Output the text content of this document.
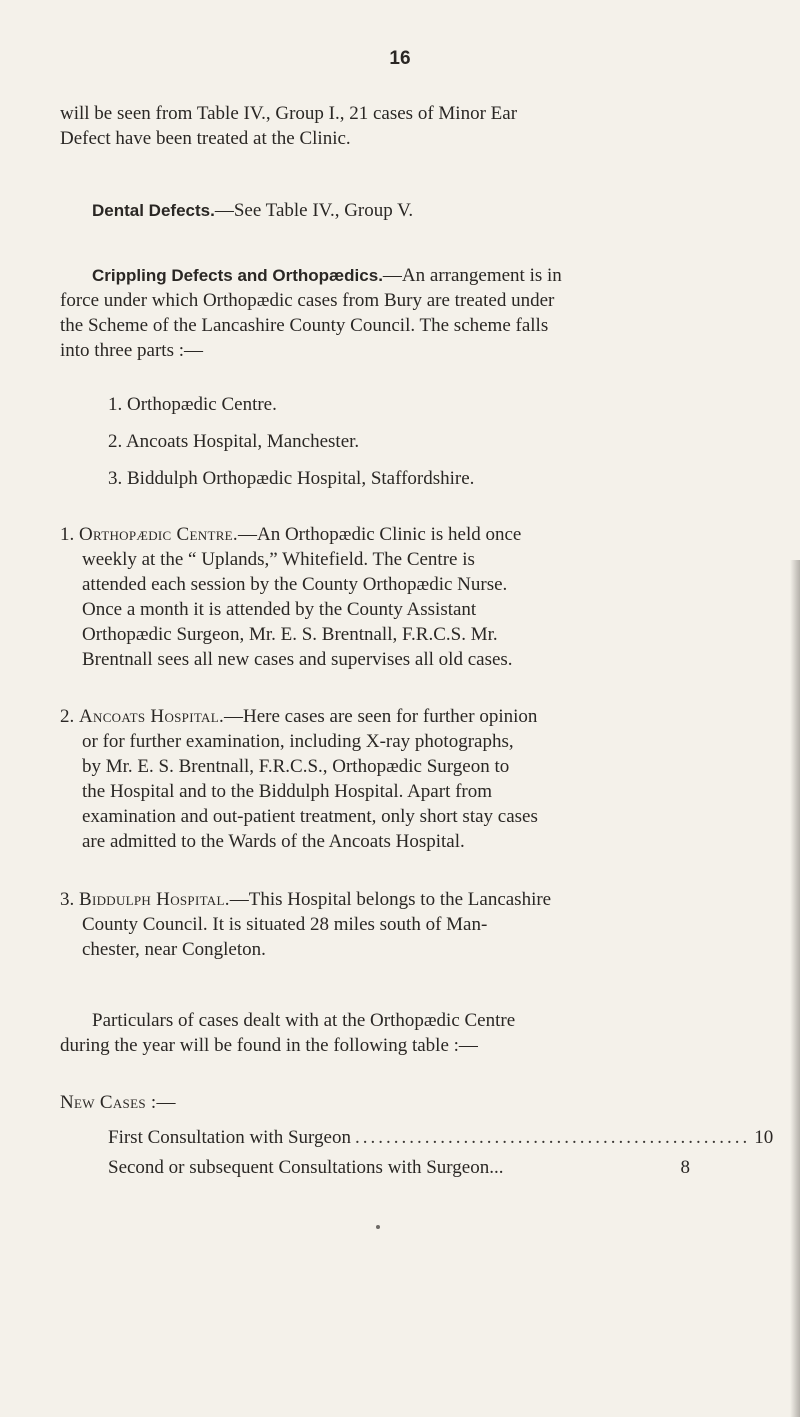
16
will be seen from Table IV., Group I., 21 cases of Minor Ear
Defect have been treated at the Clinic.
Dental Defects.—See Table IV., Group V.
Crippling Defects and Orthopædics.—An arrangement is in
force under which Orthopædic cases from Bury are treated under
the Scheme of the Lancashire County Council. The scheme falls
into three parts :—
1. Orthopædic Centre.
2. Ancoats Hospital, Manchester.
3. Biddulph Orthopædic Hospital, Staffordshire.
1. Orthopædic Centre.—An Orthopædic Clinic is held once
weekly at the “ Uplands,” Whitefield. The Centre is
attended each session by the County Orthopædic Nurse.
Once a month it is attended by the County Assistant
Orthopædic Surgeon, Mr. E. S. Brentnall, F.R.C.S. Mr.
Brentnall sees all new cases and supervises all old cases.
2. Ancoats Hospital.—Here cases are seen for further opinion
or for further examination, including X-ray photographs,
by Mr. E. S. Brentnall, F.R.C.S., Orthopædic Surgeon to
the Hospital and to the Biddulph Hospital. Apart from
examination and out-patient treatment, only short stay cases
are admitted to the Wards of the Ancoats Hospital.
3. Biddulph Hospital.—This Hospital belongs to the Lancashire
County Council. It is situated 28 miles south of Man-
chester, near Congleton.
Particulars of cases dealt with at the Orthopædic Centre
during the year will be found in the following table :—
New Cases :—
First Consultation with Surgeon ................................................... 10
Second or subsequent Consultations with Surgeon...	8
